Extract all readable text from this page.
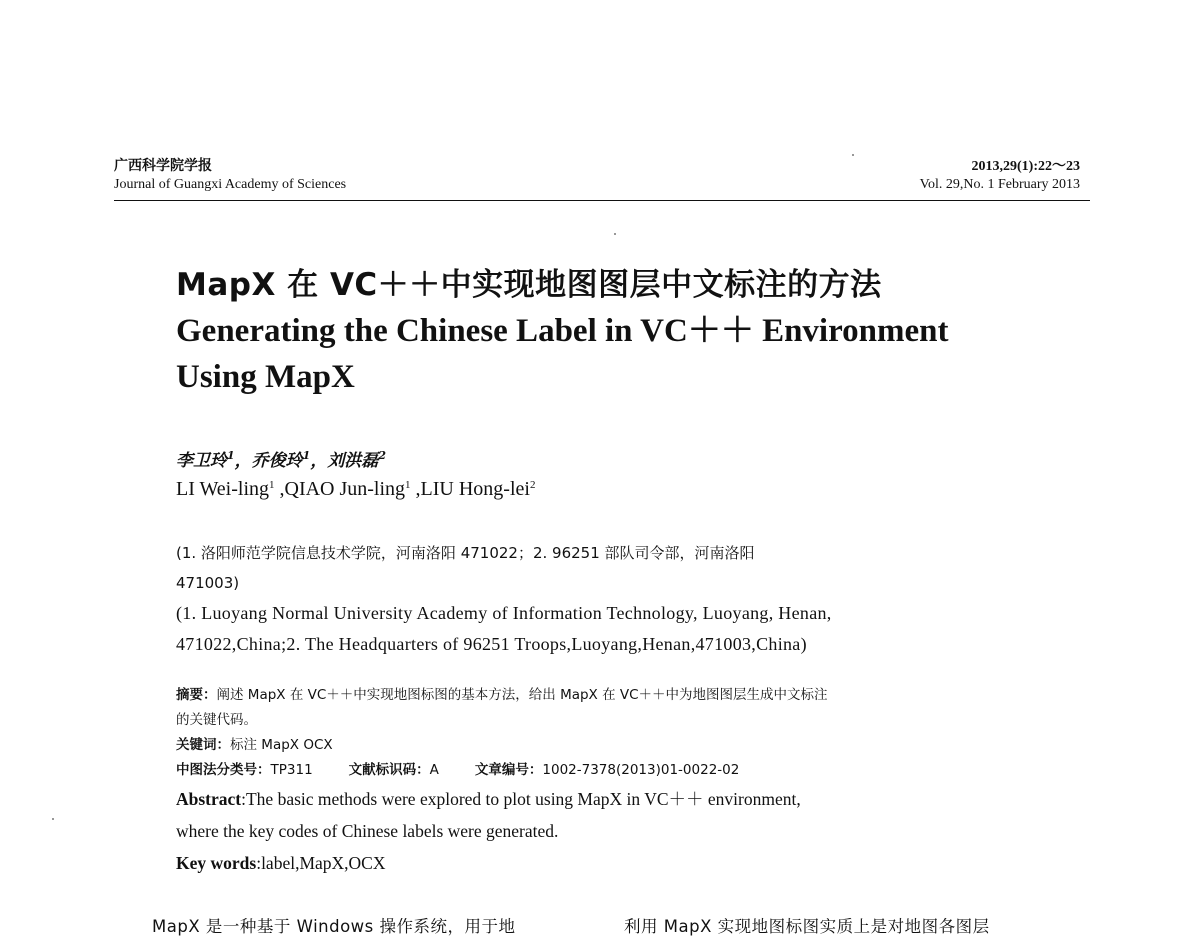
广西科学院学报
Journal of Guangxi Academy of Sciences
2013,29(1):22～23
Vol. 29,No. 1 February 2013
MapX 在 VC＋＋中实现地图图层中文标注的方法
Generating the Chinese Label in VC＋＋ Environment
Using MapX
李卫玲$^1$，乔俊玲$^1$，刘洪磊$^2$
LI Wei-ling$^1$ ,QIAO Jun-ling$^1$ ,LIU Hong-lei$^2$
(1. 洛阳师范学院信息技术学院，河南洛阳 471022；2. 96251 部队司令部，河南洛阳
471003)
(1. Luoyang Normal University Academy of Information Technology, Luoyang, Henan,
471022,China;2. The Headquarters of 96251 Troops,Luoyang,Henan,471003,China)
摘要：阐述 MapX 在 VC＋＋中实现地图标图的基本方法，给出 MapX 在 VC＋＋中为地图图层生成中文标注
的关键代码。
关键词：标注 MapX OCX
中图法分类号：TP311	文献标识码：A	文章编号：1002-7378(2013)01-0022-02
Abstract:The basic methods were explored to plot using MapX in VC＋＋ environment,
where the key codes of Chinese labels were generated.
Key words:label,MapX,OCX
MapX 是一种基于 Windows 操作系统，用于地	利用 MapX 实现地图标图实质上是对地图各图层
